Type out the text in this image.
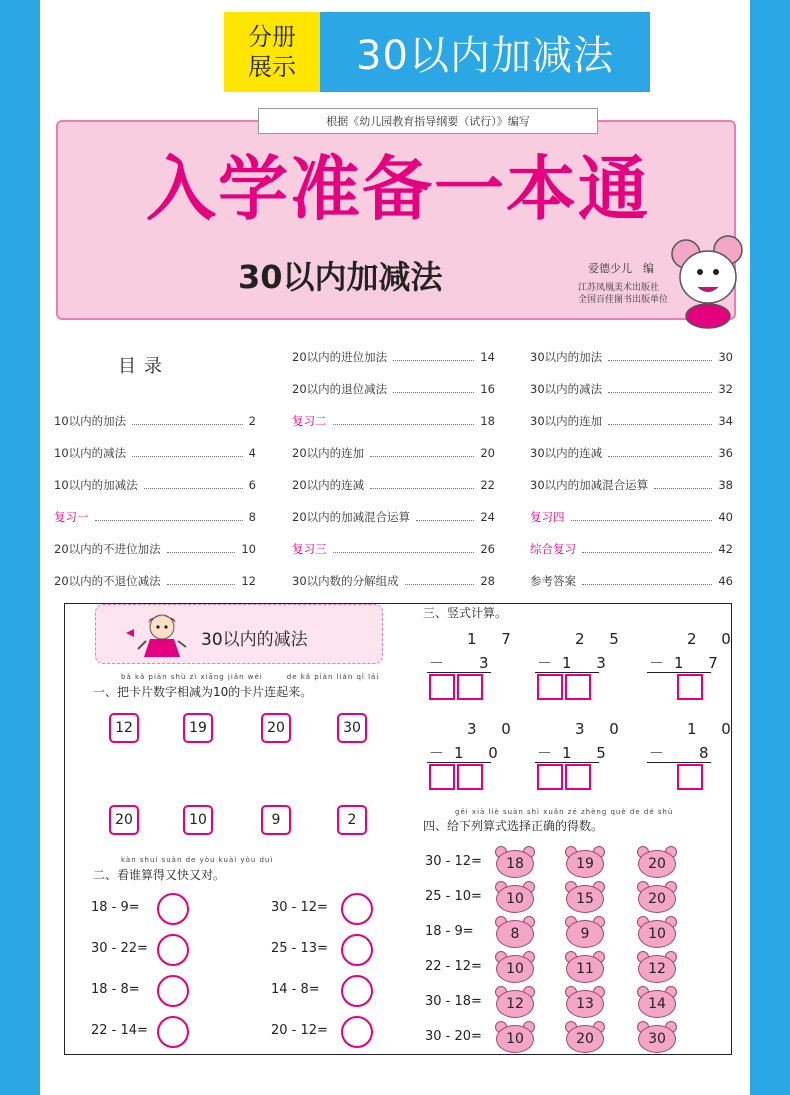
分册
展示	30以内加减法
根据《幼儿园教育指导纲要（试行）》编写
入学准备一本通
30以内加减法	爱德少儿　编
江苏凤凰美术出版社
全国百佳图书出版单位
目录
10以内的加法	2
10以内的减法	4
10以内的加减法	6
复习一	8
20以内的不进位加法	10
20以内的不退位减法	12
20以内的进位加法	14
20以内的退位减法	16
复习二	18
20以内的连加	20
20以内的连减	22
20以内的加减混合运算	24
复习三	26
30以内数的分解组成	28
30以内的加法	30
30以内的减法	32
30以内的连加	34
30以内的连减	36
30以内的加减混合运算	38
复习四	40
综合复习	42
参考答案	46
30以内的减法
bǎ kǎ piàn shù zì xiāng jiǎn wéi　　　de kǎ piàn lián qǐ lái
一、把卡片数字相减为10的卡片连起来。
12	19	20	30
20	10	9	2
kàn shuí suàn de yòu kuài yòu duì
二、看谁算得又快又对。
18 - 9=
30 - 22=
18 - 8=
22 - 14=
30 - 12=
25 - 13=
14 - 8=
20 - 12=
三、竖式计算。
1 7
－　3
2 5
－1 3
2 0
－1 7
3 0
－1 0
3 0
－1 5
1 0
－　8
gěi xià liè suàn shì xuǎn zé zhèng què de dé shù
四、给下列算式选择正确的得数。
30 - 12=	18	19	20
25 - 10=	10	15	20
18 - 9=	8	9	10
22 - 12=	10	11	12
30 - 18=	12	13	14
30 - 20=	10	20	30
